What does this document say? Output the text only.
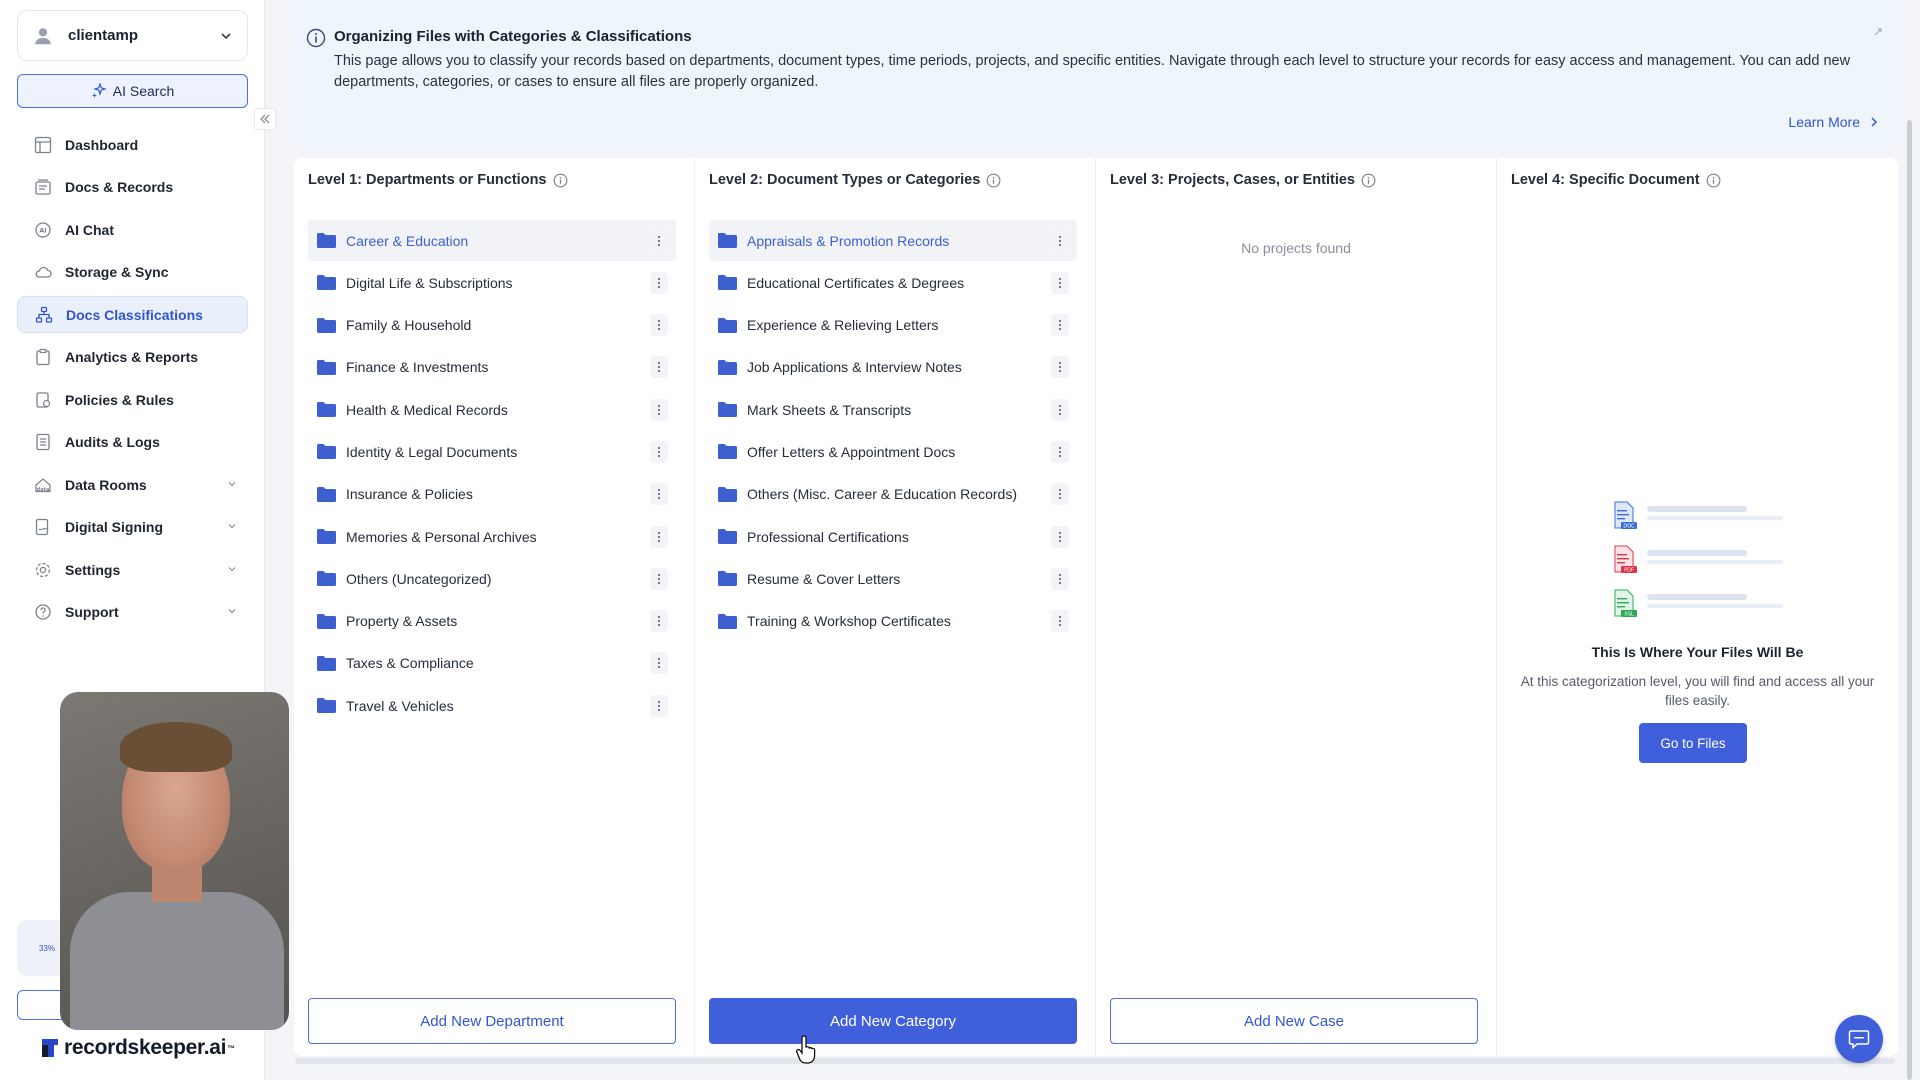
clientamp
AI Search
Dashboard
Docs & Records
AI AI Chat
Storage & Sync
Docs Classifications
Analytics & Reports
Policies & Rules
Audits & Logs
data Data Rooms
Digital Signing
Settings
Support
33%
recordskeeper.ai ™
Organizing Files with Categories & Classifications
This page allows you to classify your records based on departments, document types, time periods, projects, and specific entities. Navigate through each level to structure your records for easy access and management. You can add new departments, categories, or cases to ensure all files are properly organized.
Learn More
Level 1: Departments or Functions
Career & Education
Digital Life & Subscriptions
Family & Household
Finance & Investments
Health & Medical Records
Identity & Legal Documents
Insurance & Policies
Memories & Personal Archives
Others (Uncategorized)
Property & Assets
Taxes & Compliance
Travel & Vehicles
Add New Department
Level 2: Document Types or Categories
Appraisals & Promotion Records
Educational Certificates & Degrees
Experience & Relieving Letters
Job Applications & Interview Notes
Mark Sheets & Transcripts
Offer Letters & Appointment Docs
Others (Misc. Career & Education Records)
Professional Certifications
Resume & Cover Letters
Training & Workshop Certificates
Add New Category
Level 3: Projects, Cases, or Entities
No projects found
Add New Case
Level 4: Specific Document
DOC
PDF
XSL
This Is Where Your Files Will Be
At this categorization level, you will find and access all your files easily.
Go to Files
